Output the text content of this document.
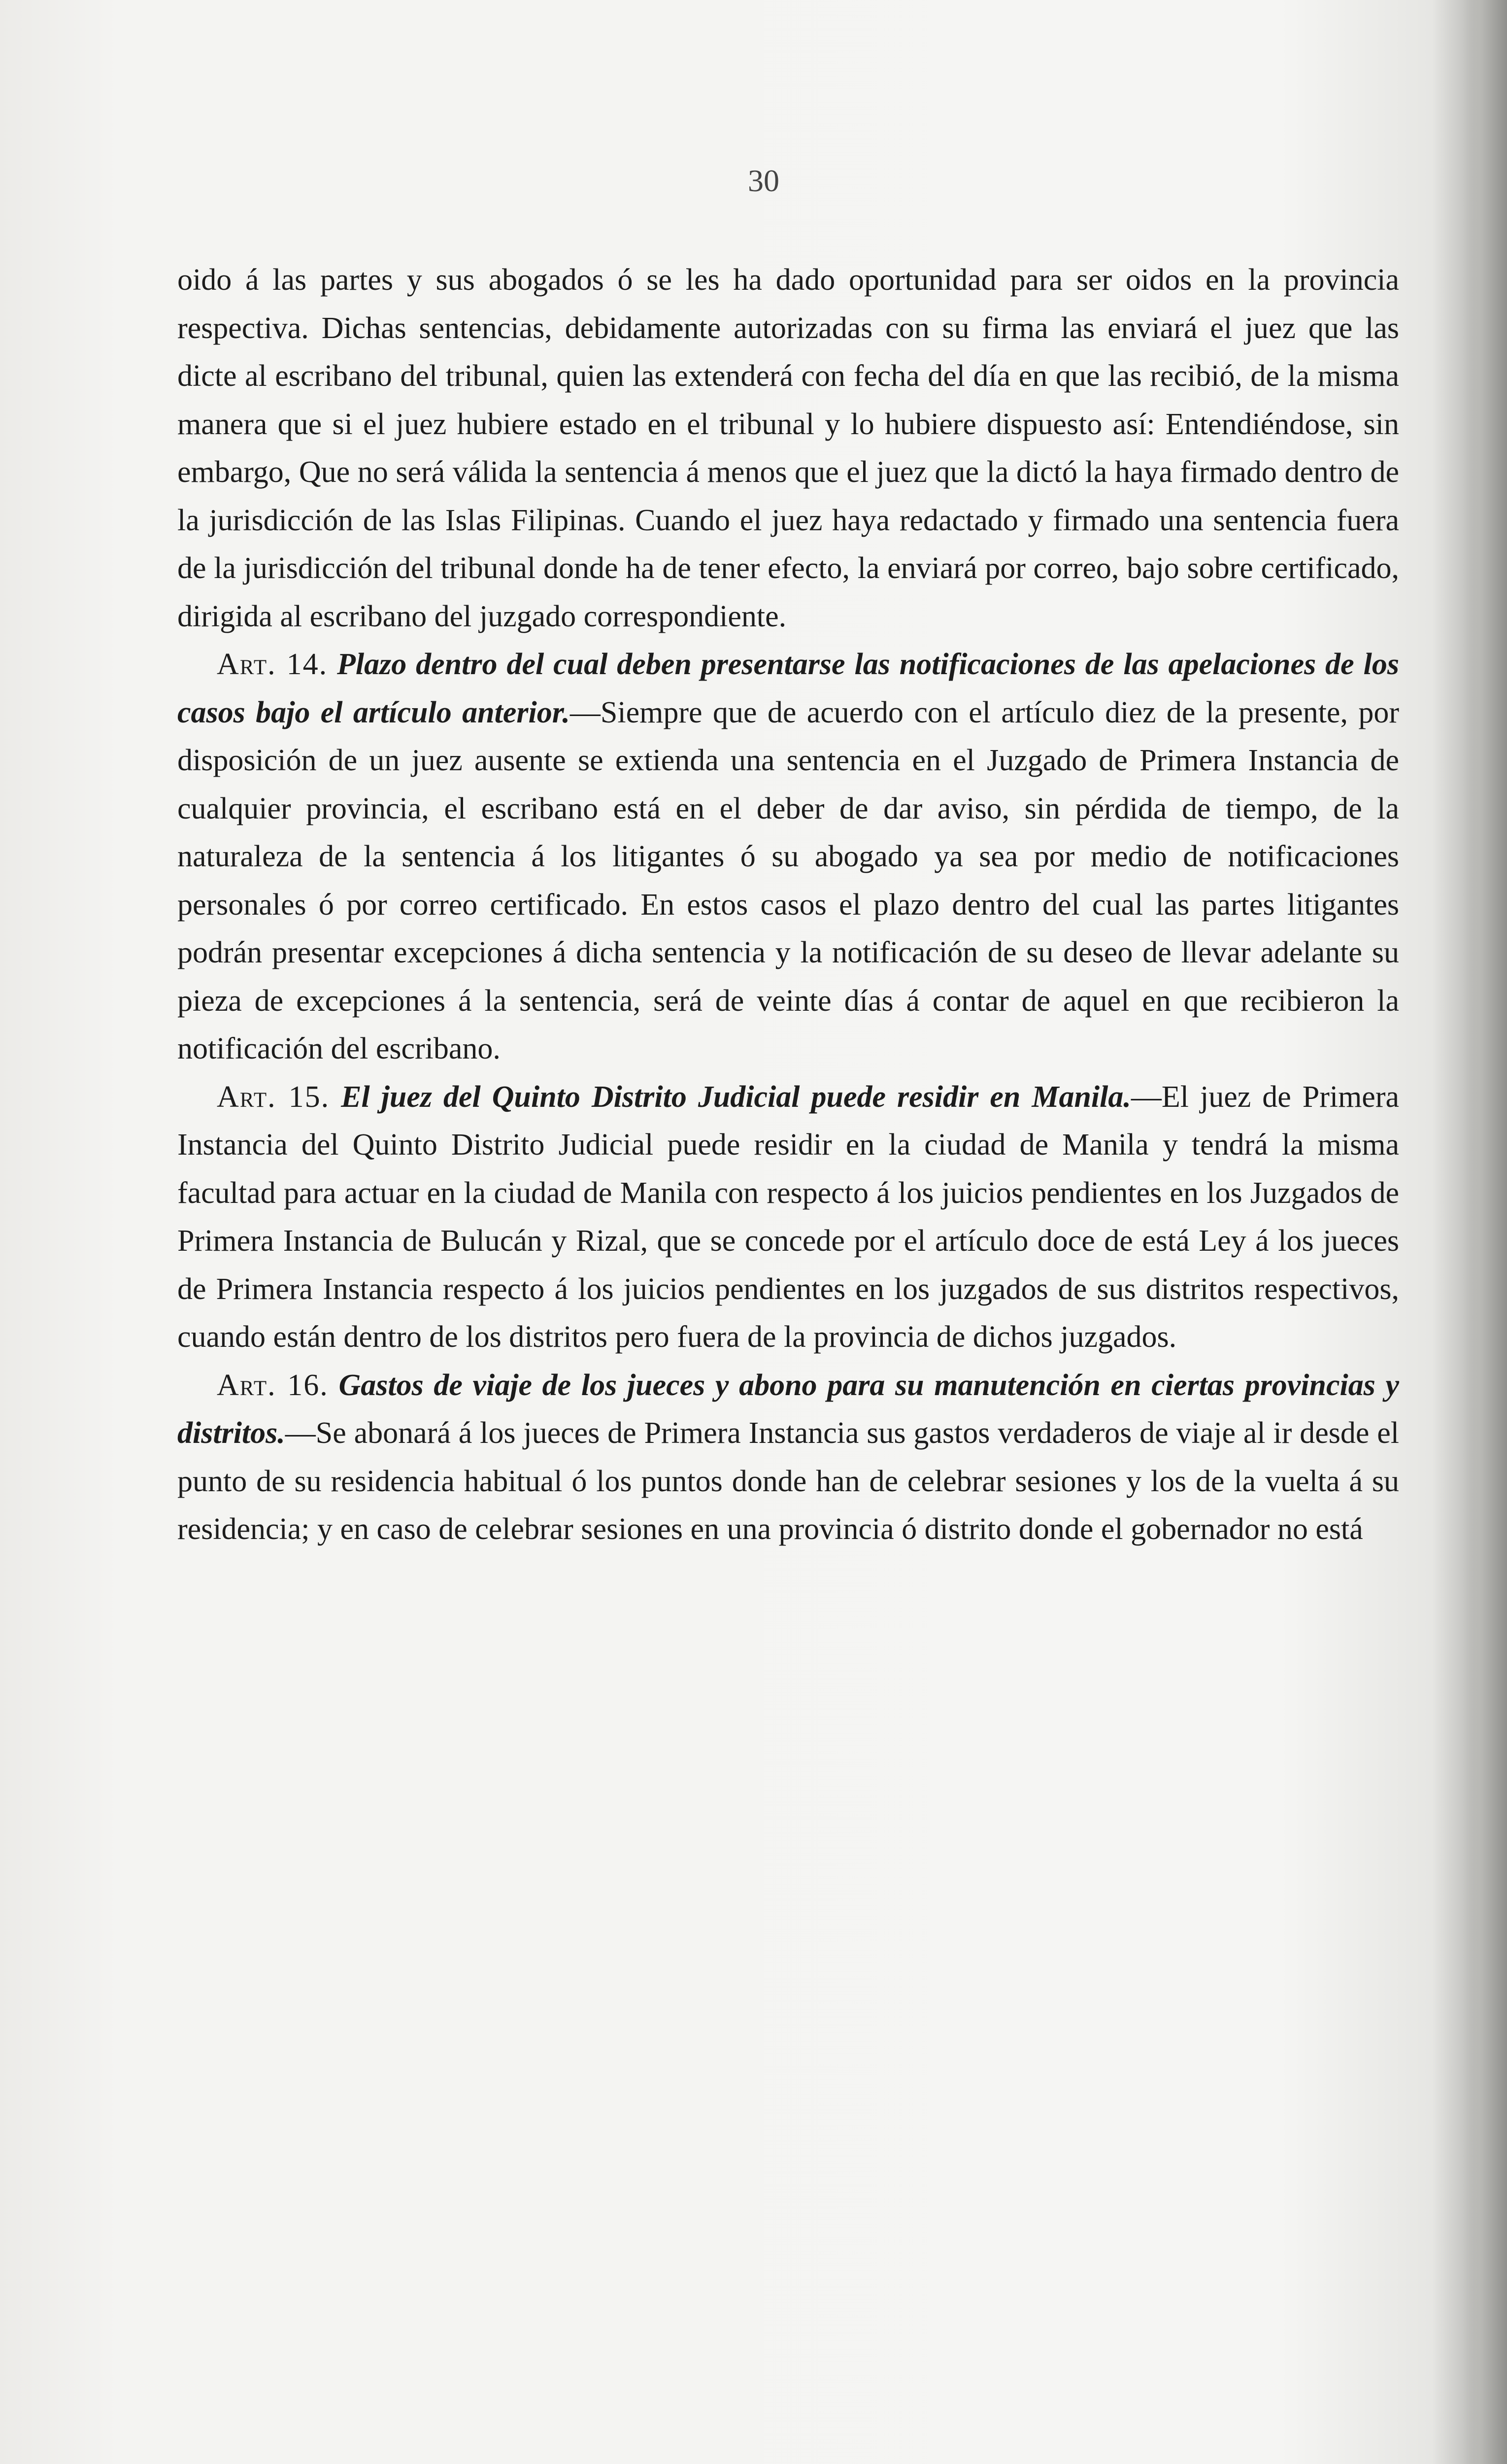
30

oido á las partes y sus abogados ó se les ha dado oportunidad para ser oidos en la provincia respectiva. Dichas sentencias, debidamente autorizadas con su firma las enviará el juez que las dicte al escribano del tribunal, quien las extenderá con fecha del día en que las recibió, de la misma manera que si el juez hubiere estado en el tribunal y lo hubiere dispuesto así: Entendiéndose, sin embargo, Que no será válida la sentencia á menos que el juez que la dictó la haya firmado dentro de la jurisdicción de las Islas Filipinas. Cuando el juez haya redactado y firmado una sentencia fuera de la jurisdicción del tribunal donde ha de tener efecto, la enviará por correo, bajo sobre certificado, dirigida al escribano del juzgado correspondiente.

Art. 14. Plazo dentro del cual deben presentarse las notificaciones de las apelaciones de los casos bajo el artículo anterior.—Siempre que de acuerdo con el artículo diez de la presente, por disposición de un juez ausente se extienda una sentencia en el Juzgado de Primera Instancia de cualquier provincia, el escribano está en el deber de dar aviso, sin pérdida de tiempo, de la naturaleza de la sentencia á los litigantes ó su abogado ya sea por medio de notificaciones personales ó por correo certificado. En estos casos el plazo dentro del cual las partes litigantes podrán presentar excepciones á dicha sentencia y la notificación de su deseo de llevar adelante su pieza de excepciones á la sentencia, será de veinte días á contar de aquel en que recibieron la notificación del escribano.

Art. 15. El juez del Quinto Distrito Judicial puede residir en Manila.—El juez de Primera Instancia del Quinto Distrito Judicial puede residir en la ciudad de Manila y tendrá la misma facultad para actuar en la ciudad de Manila con respecto á los juicios pendientes en los Juzgados de Primera Instancia de Bulucán y Rizal, que se concede por el artículo doce de está Ley á los jueces de Primera Instancia respecto á los juicios pendientes en los juzgados de sus distritos respectivos, cuando están dentro de los distritos pero fuera de la provincia de dichos juzgados.

Art. 16. Gastos de viaje de los jueces y abono para su manutención en ciertas provincias y distritos.—Se abonará á los jueces de Primera Instancia sus gastos verdaderos de viaje al ir desde el punto de su residencia habitual ó los puntos donde han de celebrar sesiones y los de la vuelta á su residencia; y en caso de celebrar sesiones en una provincia ó distrito donde el gobernador no está
